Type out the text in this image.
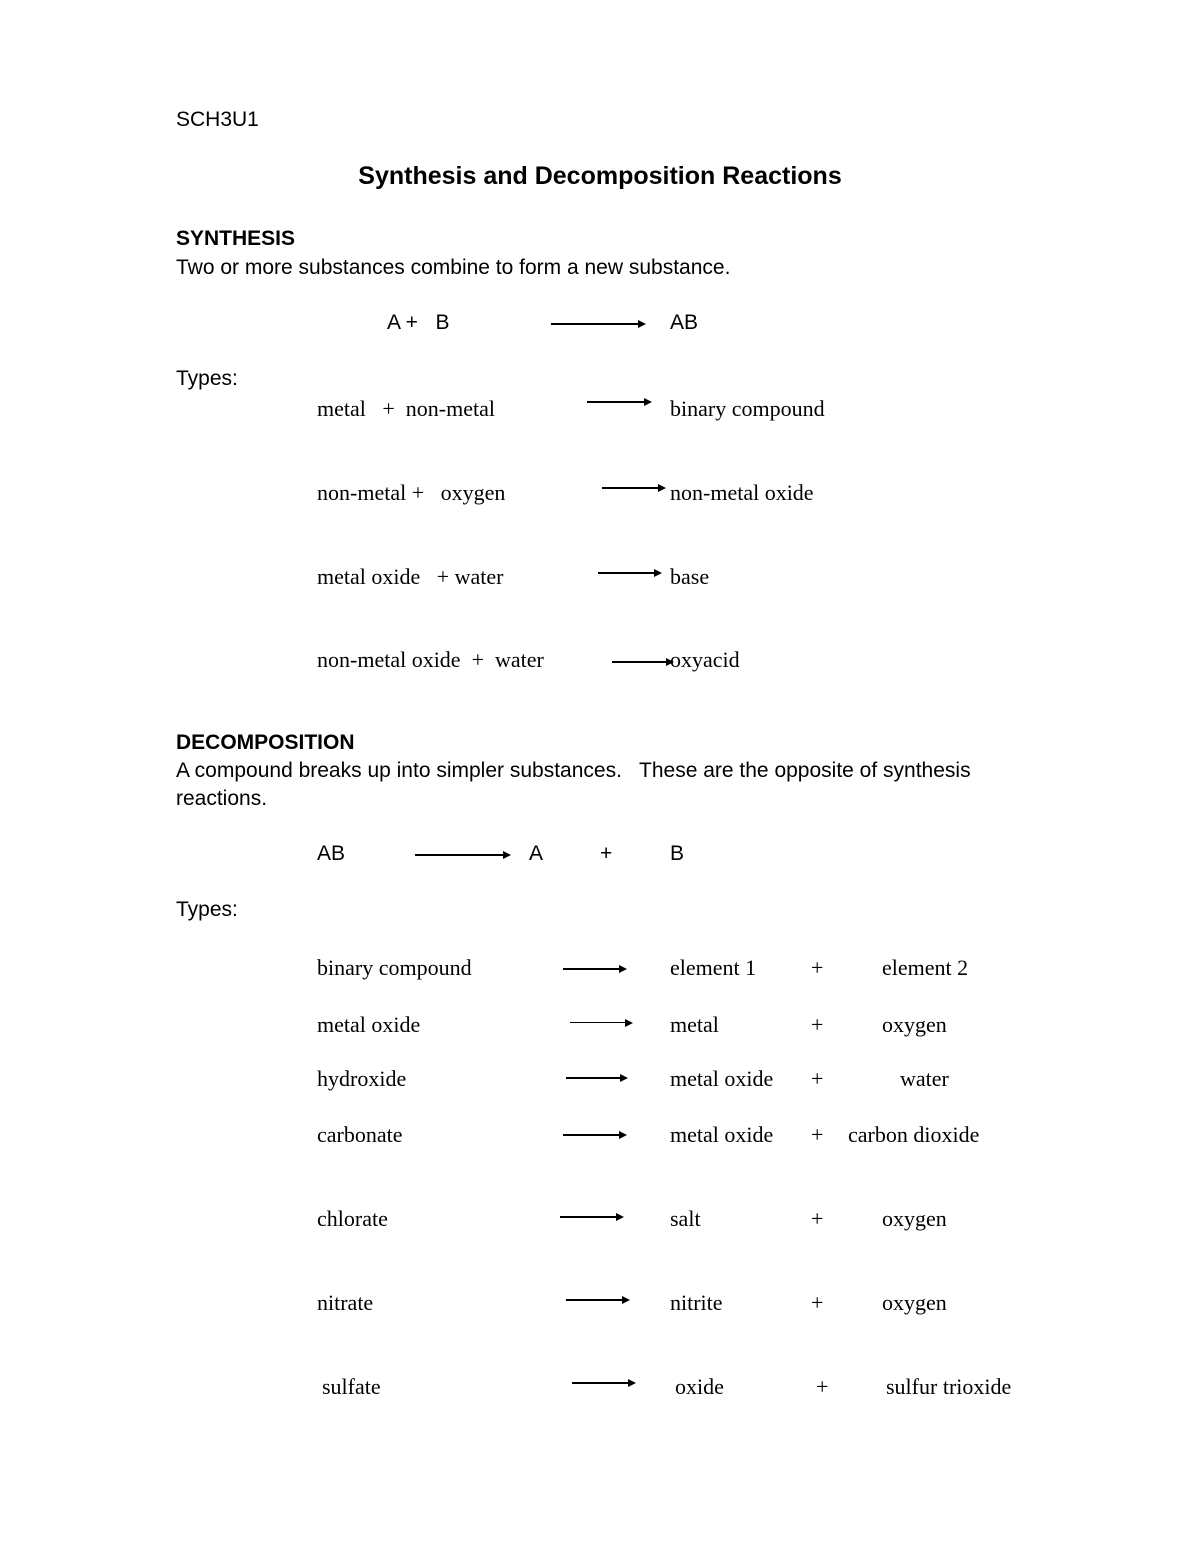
SCH3U1
Synthesis and Decomposition Reactions
SYNTHESIS
Two or more substances combine to form a new substance.
A +   B	AB
Types:
metal   +  non-metal	→ binary compound
non-metal +   oxygen	→ non-metal oxide
metal oxide   + water	→ base
non-metal oxide  +  water	oxyacid
DECOMPOSITION
A compound breaks up into simpler substances.   These are the opposite of synthesis reactions.
AB	A	+	B
Types:
binary compound	element 1 +	element 2
metal oxide	metal	+	oxygen
hydroxide	metal oxide +	water
carbonate	metal oxide + carbon dioxide
chlorate	salt	+	oxygen
nitrate	nitrite	+	oxygen
sulfate	oxide	+	sulfur trioxide
